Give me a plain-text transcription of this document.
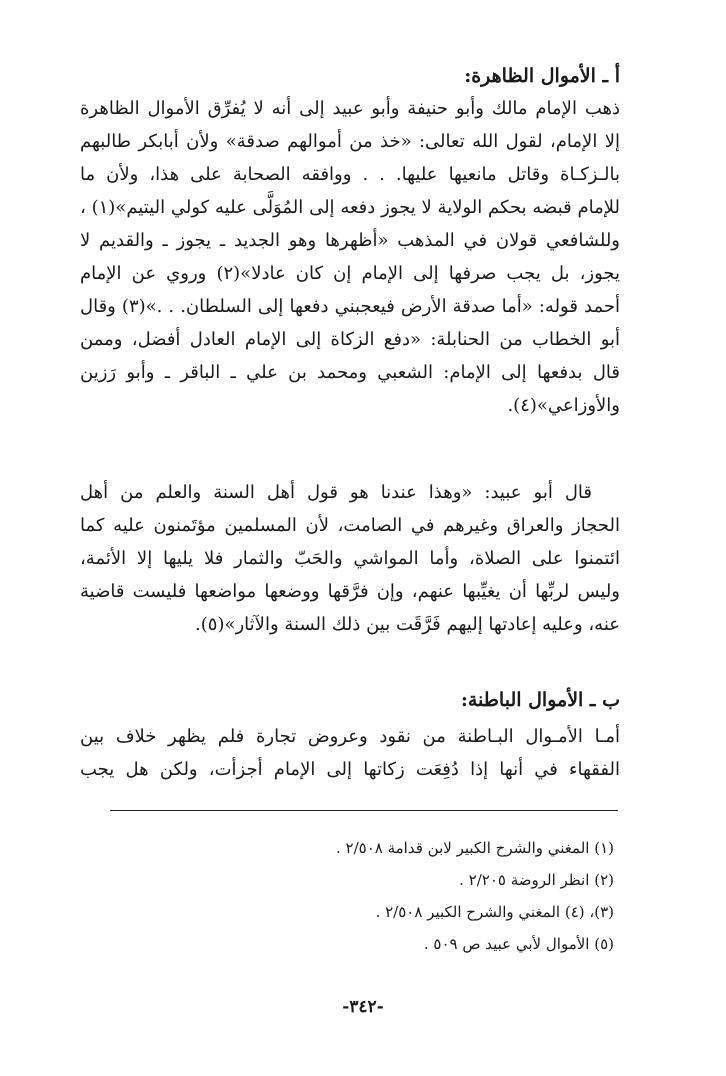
أ ـ الأموال الظاهرة:
ذهب الإمام مالك وأبو حنيفة وأبو عبيد إلى أنه لا يُفرِّق الأموال الظاهرة
إلا الإمام، لقول الله تعالى: «خذ من أموالهم صدقة» ولأن أبابكر طالبهم
بالـزكـاة وقاتل مانعيها عليها. . . ووافقه الصحابة على هذا، ولأن ما
للإمام قبضه بحكم الولاية لا يجوز دفعه إلى المُوَلَّى عليه كولي اليتيم»(١) ،
وللشافعي قولان في المذهب «أظهرها وهو الجديد ـ يجوز ـ والقديم لا
يجوز، بل يجب صرفها إلى الإمام إن كان عادلا»(٢) وروي عن الإمام
أحمد قوله: «أما صدقة الأرض فيعجبني دفعها إلى السلطان. . .»(٣) وقال
أبو الخطاب من الحنابلة: «دفع الزكاة إلى الإمام العادل أفضل، وممن
قال بدفعها إلى الإمام: الشعبي ومحمد بن علي ـ الباقر ـ وأبو رَزين
والأوزاعي»(٤).
قال أبو عبيد: «وهذا عندنا هو قول أهل السنة والعلم من أهل
الحجاز والعراق وغيرهم في الصامت، لأن المسلمين مؤتَمنون عليه كما
ائتمنوا على الصلاة، وأما المواشي والحَبّ والثمار فلا يليها إلا الأئمة،
وليس لربِّها أن يغيِّبها عنهم، وإن فرَّقها ووضعها مواضعها فليست قاضية
عنه، وعليه إعادتها إليهم فَرَّقَت بين ذلك السنة والآثار»(٥).
ب ـ الأموال الباطنة:
أمـا الأمـوال البـاطنة من نقود وعروض تجارة فلم يظهر خلاف بين
الفقهاء في أنها إذا دُفِعَت زكاتها إلى الإمام أجزأت، ولكن هل يجب
(١) المغني والشرح الكبير لابن قدامة ٢/٥٠٨ .
(٢) انظر الروضة ٢/٢٠٥ .
(٣)، (٤) المغني والشرح الكبير ٢/٥٠٨ .
(٥) الأموال لأبي عبيد ص ٥٠٩ .
-٣٤٢-
